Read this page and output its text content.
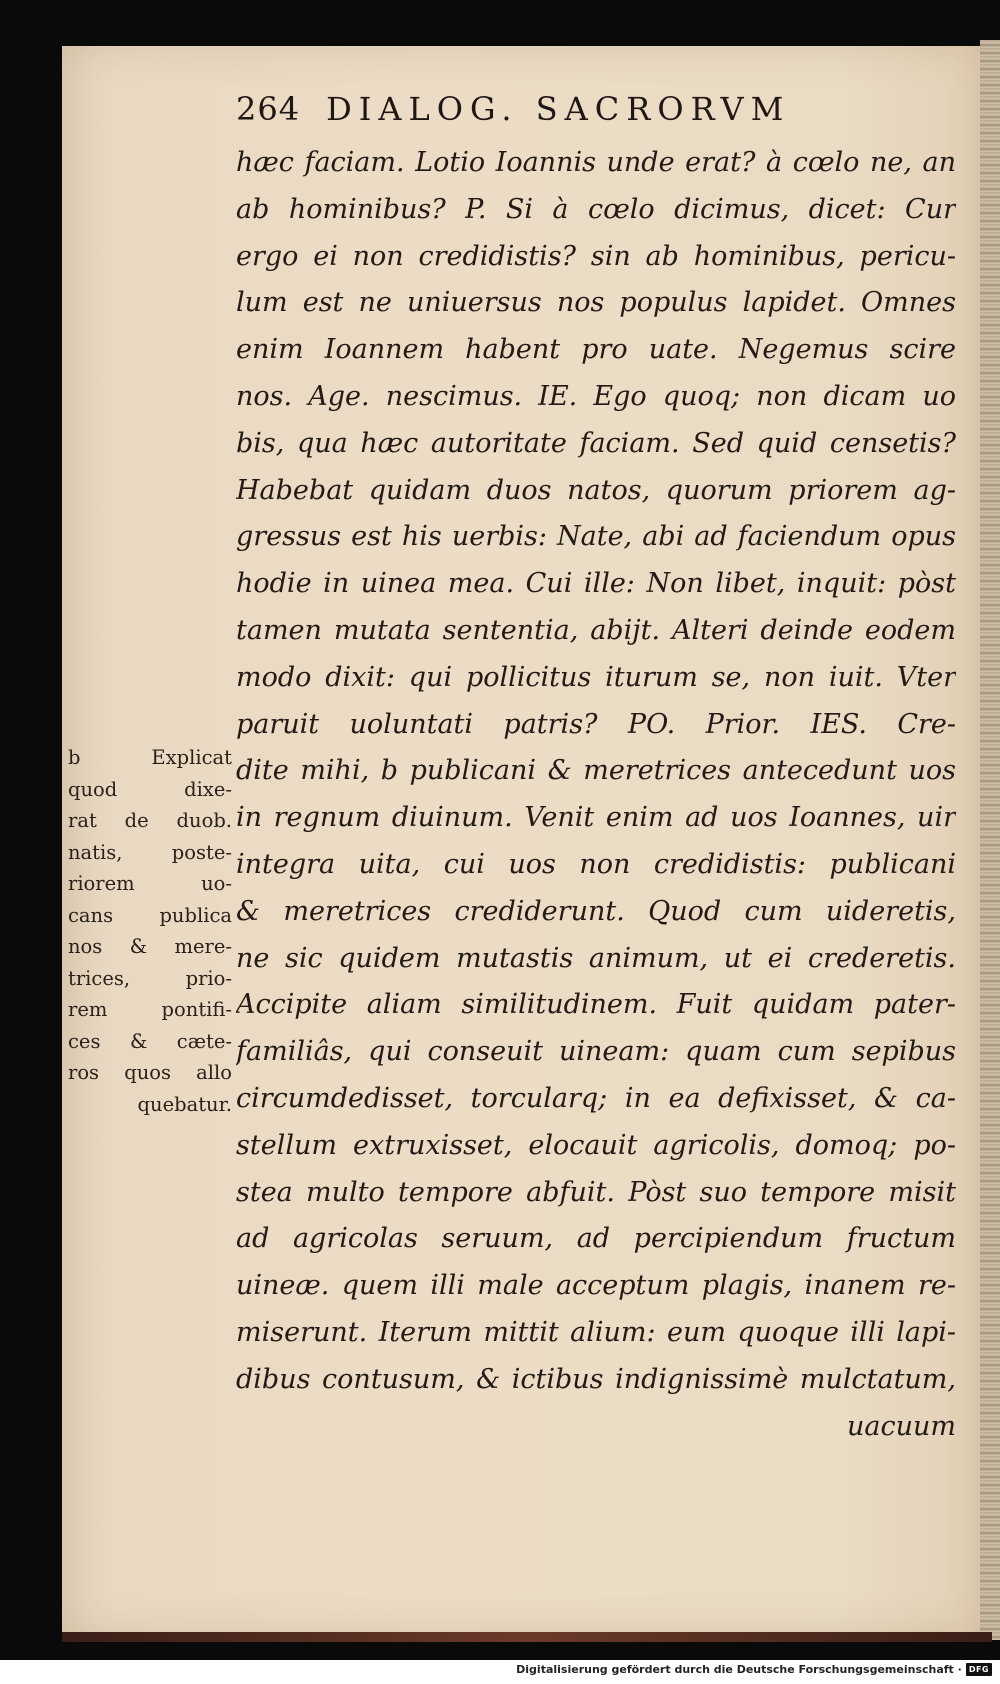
264 DIALOG. SACRORVM
hæc faciam. Lotio Ioannis unde erat? à cœlo ne, an
ab hominibus? P. Si à cœlo dicimus, dicet: Cur
ergo ei non credidistis? sin ab hominibus, pericu-
lum est ne uniuersus nos populus lapidet. Omnes
enim Ioannem habent pro uate. Negemus scire
nos. Age. nescimus. IE. Ego quoq; non dicam uo
bis, qua hæc autoritate faciam. Sed quid censetis?
Habebat quidam duos natos, quorum priorem ag-
gressus est his uerbis: Nate, abi ad faciendum opus
hodie in uinea mea. Cui ille: Non libet, inquit: pòst
tamen mutata sententia, abijt. Alteri deinde eodem
modo dixit: qui pollicitus iturum se, non iuit. Vter
paruit uoluntati patris? PO. Prior. IES. Cre-
dite mihi, b publicani & meretrices antecedunt uos
in regnum diuinum. Venit enim ad uos Ioannes, uir
integra uita, cui uos non credidistis: publicani
& meretrices crediderunt. Quod cum uideretis,
ne sic quidem mutastis animum, ut ei crederetis.
Accipite aliam similitudinem. Fuit quidam pater-
familiâs, qui conseuit uineam: quam cum sepibus
circumdedisset, torcularq; in ea defixisset, & ca-
stellum extruxisset, elocauit agricolis, domoq; po-
stea multo tempore abfuit. Pòst suo tempore misit
ad agricolas seruum, ad percipiendum fructum
uineæ. quem illi male acceptum plagis, inanem re-
miserunt. Iterum mittit alium: eum quoque illi lapi-
dibus contusum, & ictibus indignissimè mulctatum,
uacuum
b Explicat
quod dixe-
rat de duob.
natis, poste-
riorem uo-
cans publica
nos & mere-
trices, prio-
rem pontifi-
ces & cæte-
ros quos allo
quebatur.
Digitalisierung gefördert durch die Deutsche Forschungsgemeinschaft · DFG
